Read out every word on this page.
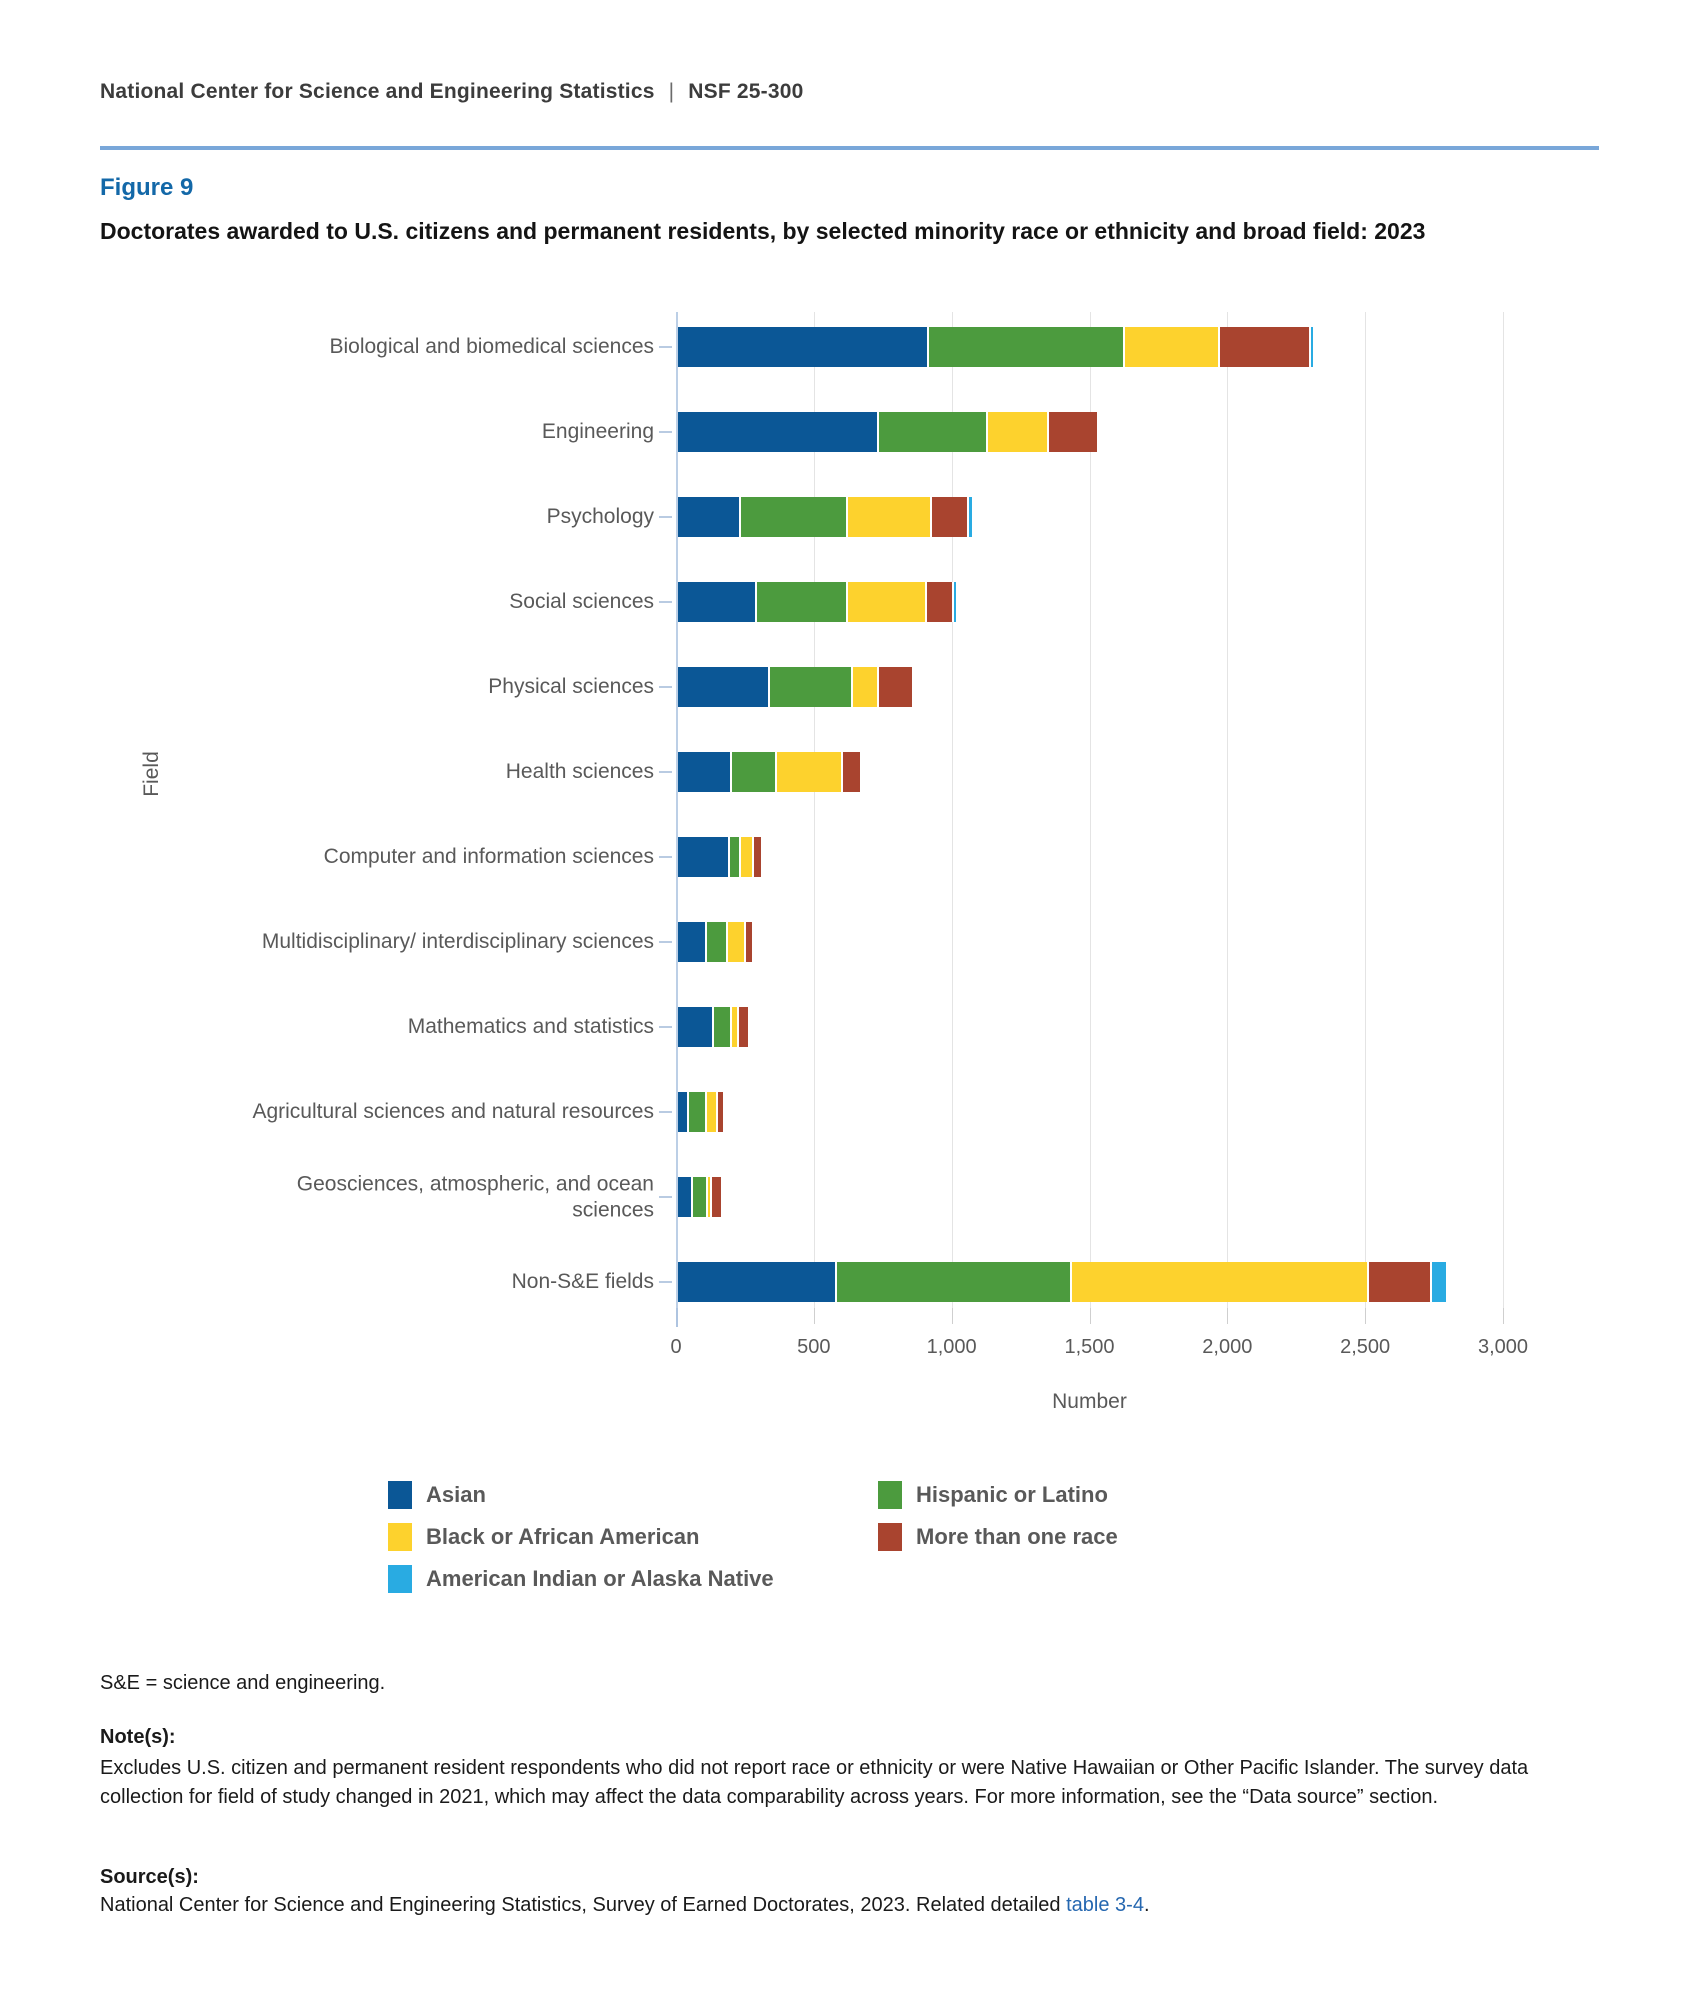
National Center for Science and Engineering Statistics | NSF 25-300
Figure 9
Doctorates awarded to U.S. citizens and permanent residents, by selected minority race or ethnicity and broad field: 2023
Biological and biomedical sciences
Engineering
Psychology
Social sciences
Physical sciences
Health sciences
Computer and information sciences
Multidisciplinary/ interdisciplinary sciences
Mathematics and statistics
Agricultural sciences and natural resources
Geosciences, atmospheric, and ocean sciences
Non-S&E fields
0	500	1,000	1,500	2,000	2,500	3,000
Number
Field
Asian	Hispanic or Latino
Black or African American	More than one race
American Indian or Alaska Native
S&E = science and engineering.
Note(s):
Excludes U.S. citizen and permanent resident respondents who did not report race or ethnicity or were Native Hawaiian or Other Pacific Islander. The survey data collection for field of study changed in 2021, which may affect the data comparability across years. For more information, see the “Data source” section.
Source(s):
National Center for Science and Engineering Statistics, Survey of Earned Doctorates, 2023. Related detailed table 3-4.
